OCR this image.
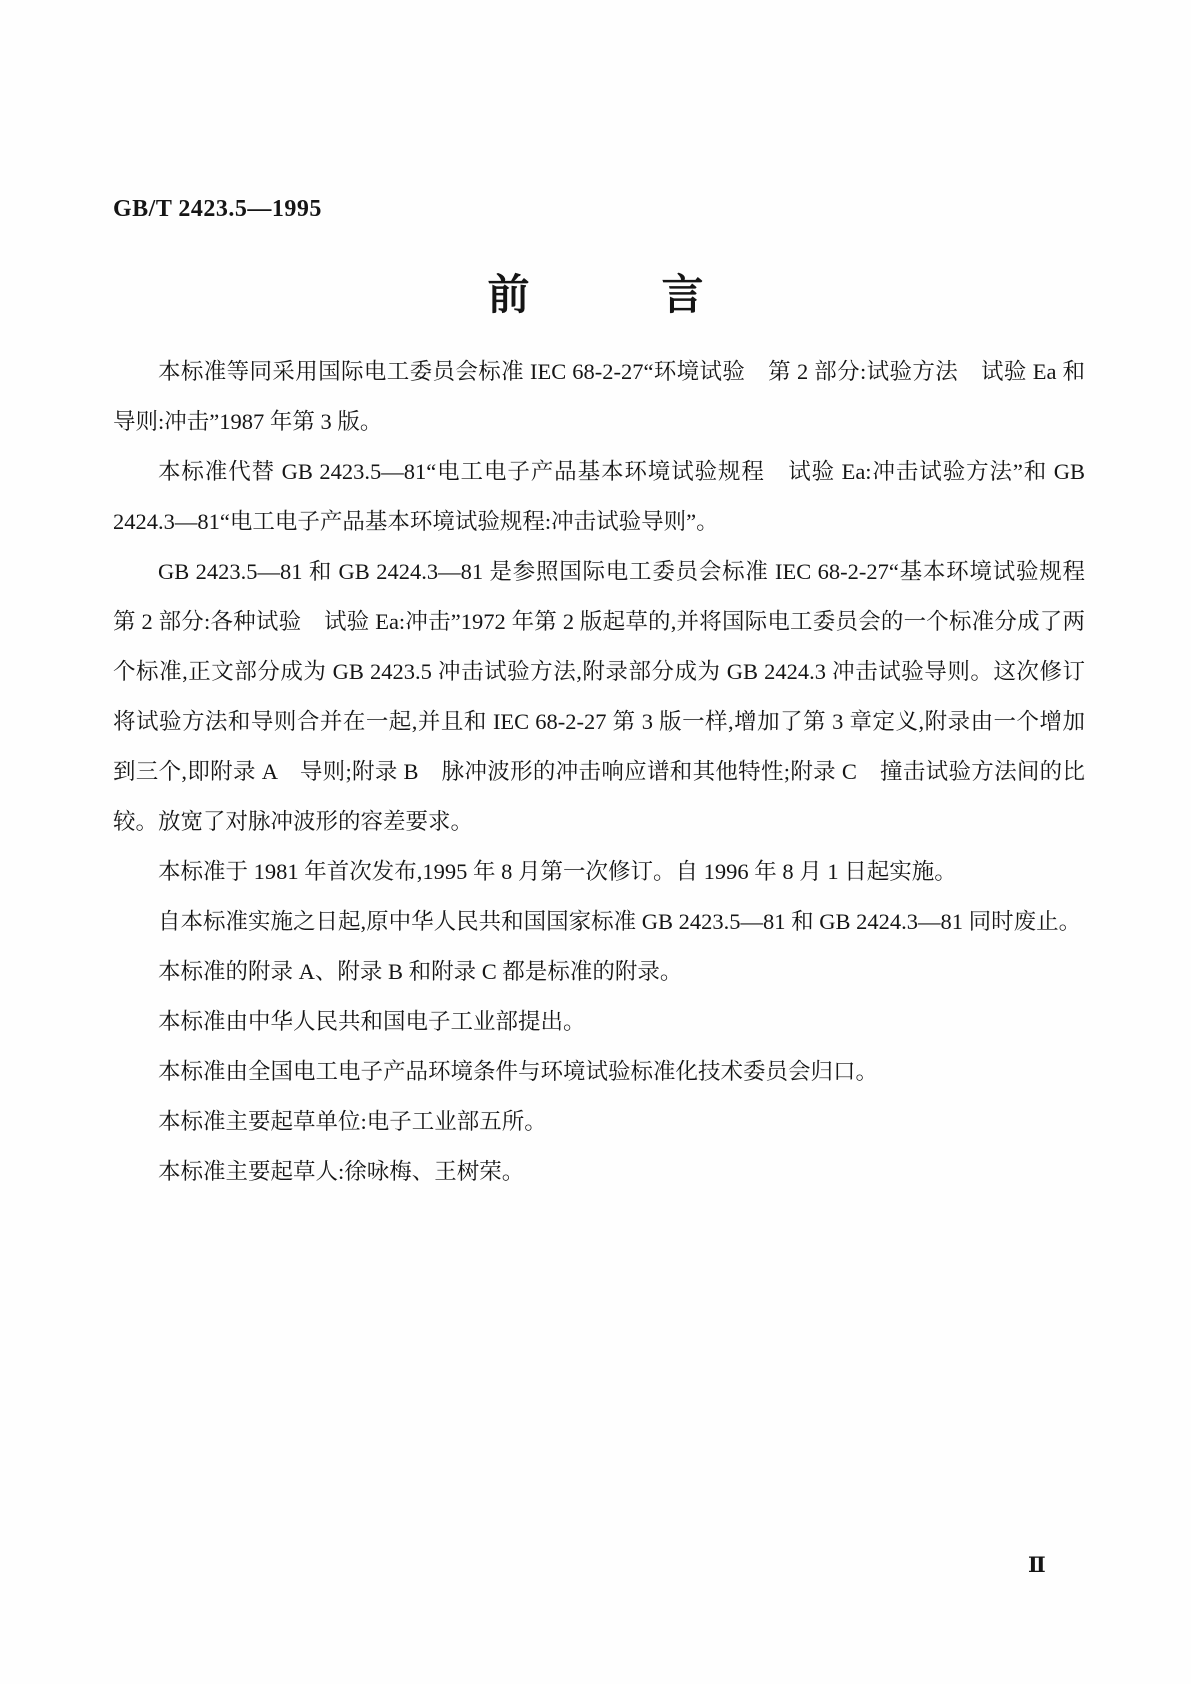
GB/T 2423.5—1995
前	言

本标准等同采用国际电工委员会标准 IEC 68-2-27“环境试验　第 2 部分:试验方法　试验 Ea 和导则:冲击”1987 年第 3 版。

本标准代替 GB 2423.5—81“电工电子产品基本环境试验规程　试验 Ea:冲击试验方法”和 GB 2424.3—81“电工电子产品基本环境试验规程:冲击试验导则”。

GB 2423.5—81 和 GB 2424.3—81 是参照国际电工委员会标准 IEC 68-2-27“基本环境试验规程　第 2 部分:各种试验　试验 Ea:冲击”1972 年第 2 版起草的,并将国际电工委员会的一个标准分成了两个标准,正文部分成为 GB 2423.5 冲击试验方法,附录部分成为 GB 2424.3 冲击试验导则。这次修订将试验方法和导则合并在一起,并且和 IEC 68-2-27 第 3 版一样,增加了第 3 章定义,附录由一个增加到三个,即附录 A　导则;附录 B　脉冲波形的冲击响应谱和其他特性;附录 C　撞击试验方法间的比较。放宽了对脉冲波形的容差要求。

本标准于 1981 年首次发布,1995 年 8 月第一次修订。自 1996 年 8 月 1 日起实施。

自本标准实施之日起,原中华人民共和国国家标准 GB 2423.5—81 和 GB 2424.3—81 同时废止。

本标准的附录 A、附录 B 和附录 C 都是标准的附录。

本标准由中华人民共和国电子工业部提出。

本标准由全国电工电子产品环境条件与环境试验标准化技术委员会归口。

本标准主要起草单位:电子工业部五所。

本标准主要起草人:徐咏梅、王树荣。

Ⅱ
